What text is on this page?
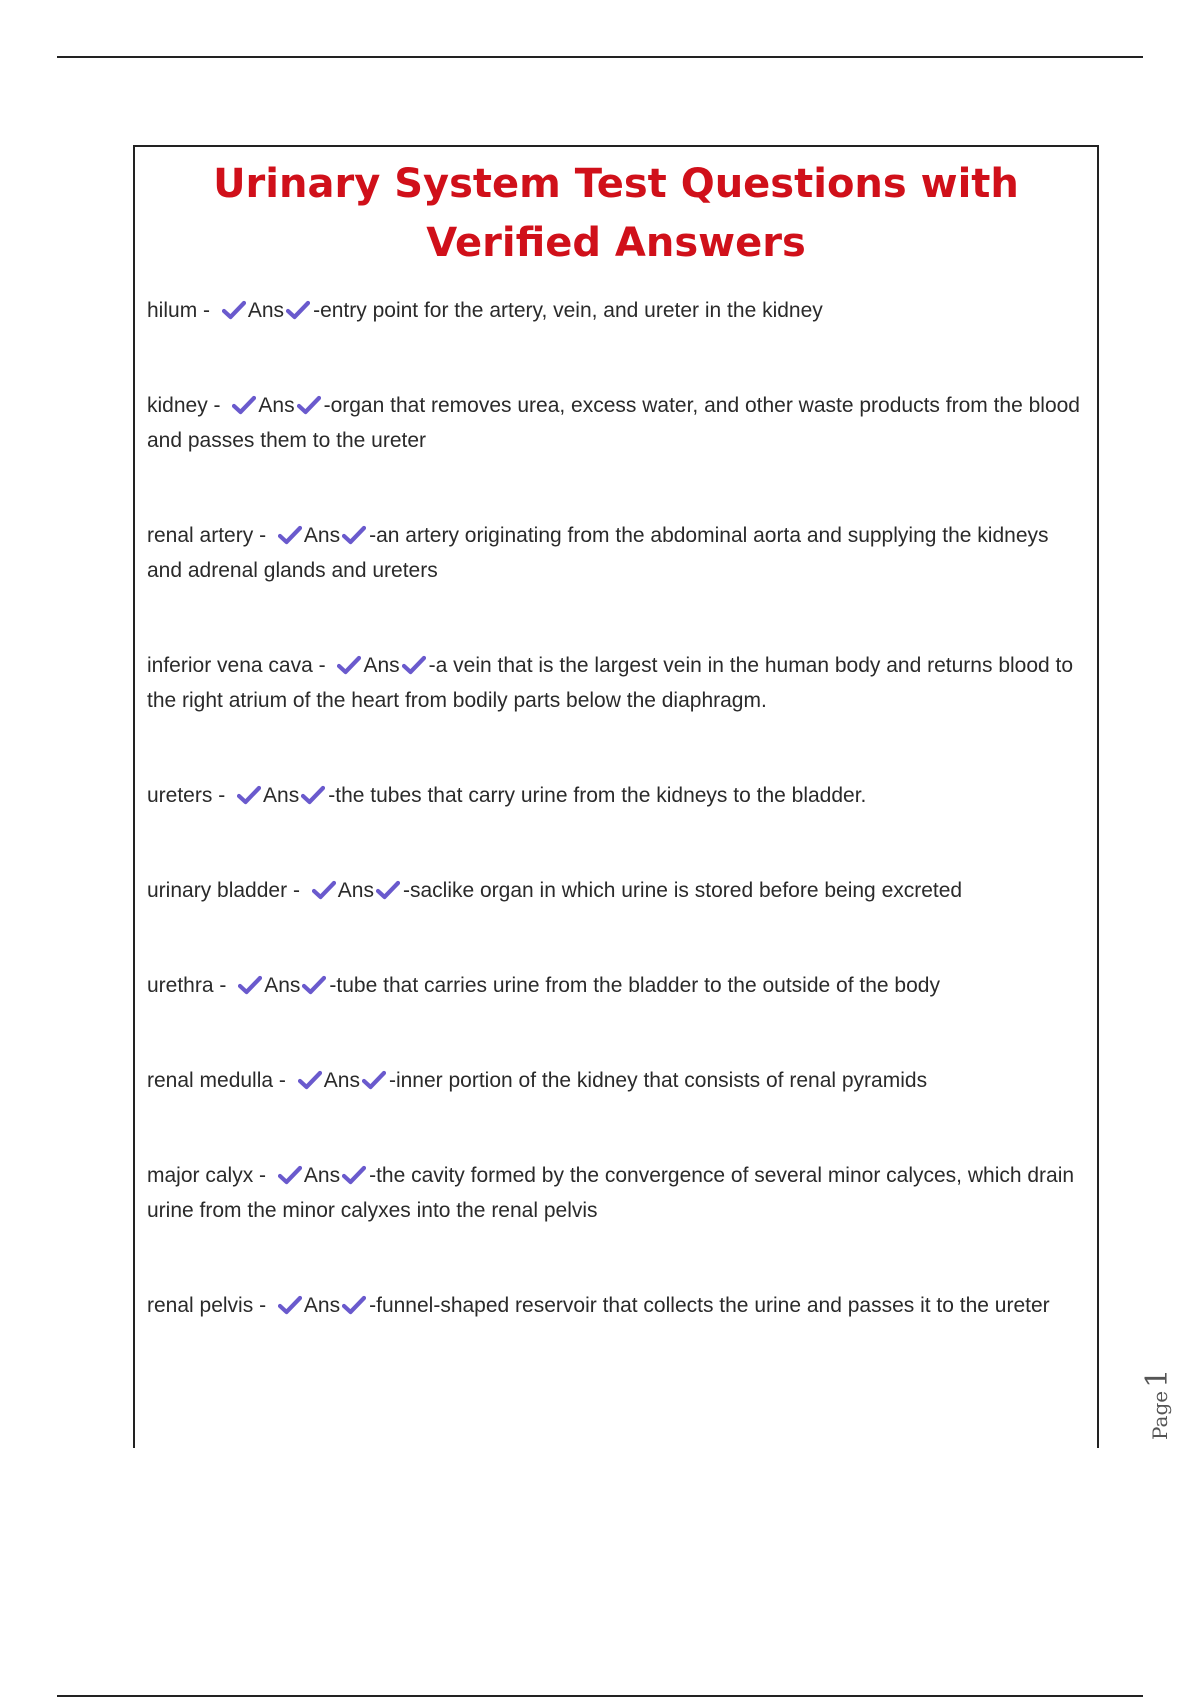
Urinary System Test Questions with
Verified Answers
hilum - Ans -entry point for the artery, vein, and ureter in the kidney
kidney - Ans -organ that removes urea, excess water, and other waste products from the blood and passes them to the ureter
renal artery - Ans -an artery originating from the abdominal aorta and supplying the kidneys and adrenal glands and ureters
inferior vena cava - Ans -a vein that is the largest vein in the human body and returns blood to the right atrium of the heart from bodily parts below the diaphragm.
ureters - Ans -the tubes that carry urine from the kidneys to the bladder.
urinary bladder - Ans -saclike organ in which urine is stored before being excreted
urethra - Ans -tube that carries urine from the bladder to the outside of the body
renal medulla - Ans -inner portion of the kidney that consists of renal pyramids
major calyx - Ans -the cavity formed by the convergence of several minor calyces, which drain urine from the minor calyxes into the renal pelvis
renal pelvis - Ans -funnel-shaped reservoir that collects the urine and passes it to the ureter
Page1
